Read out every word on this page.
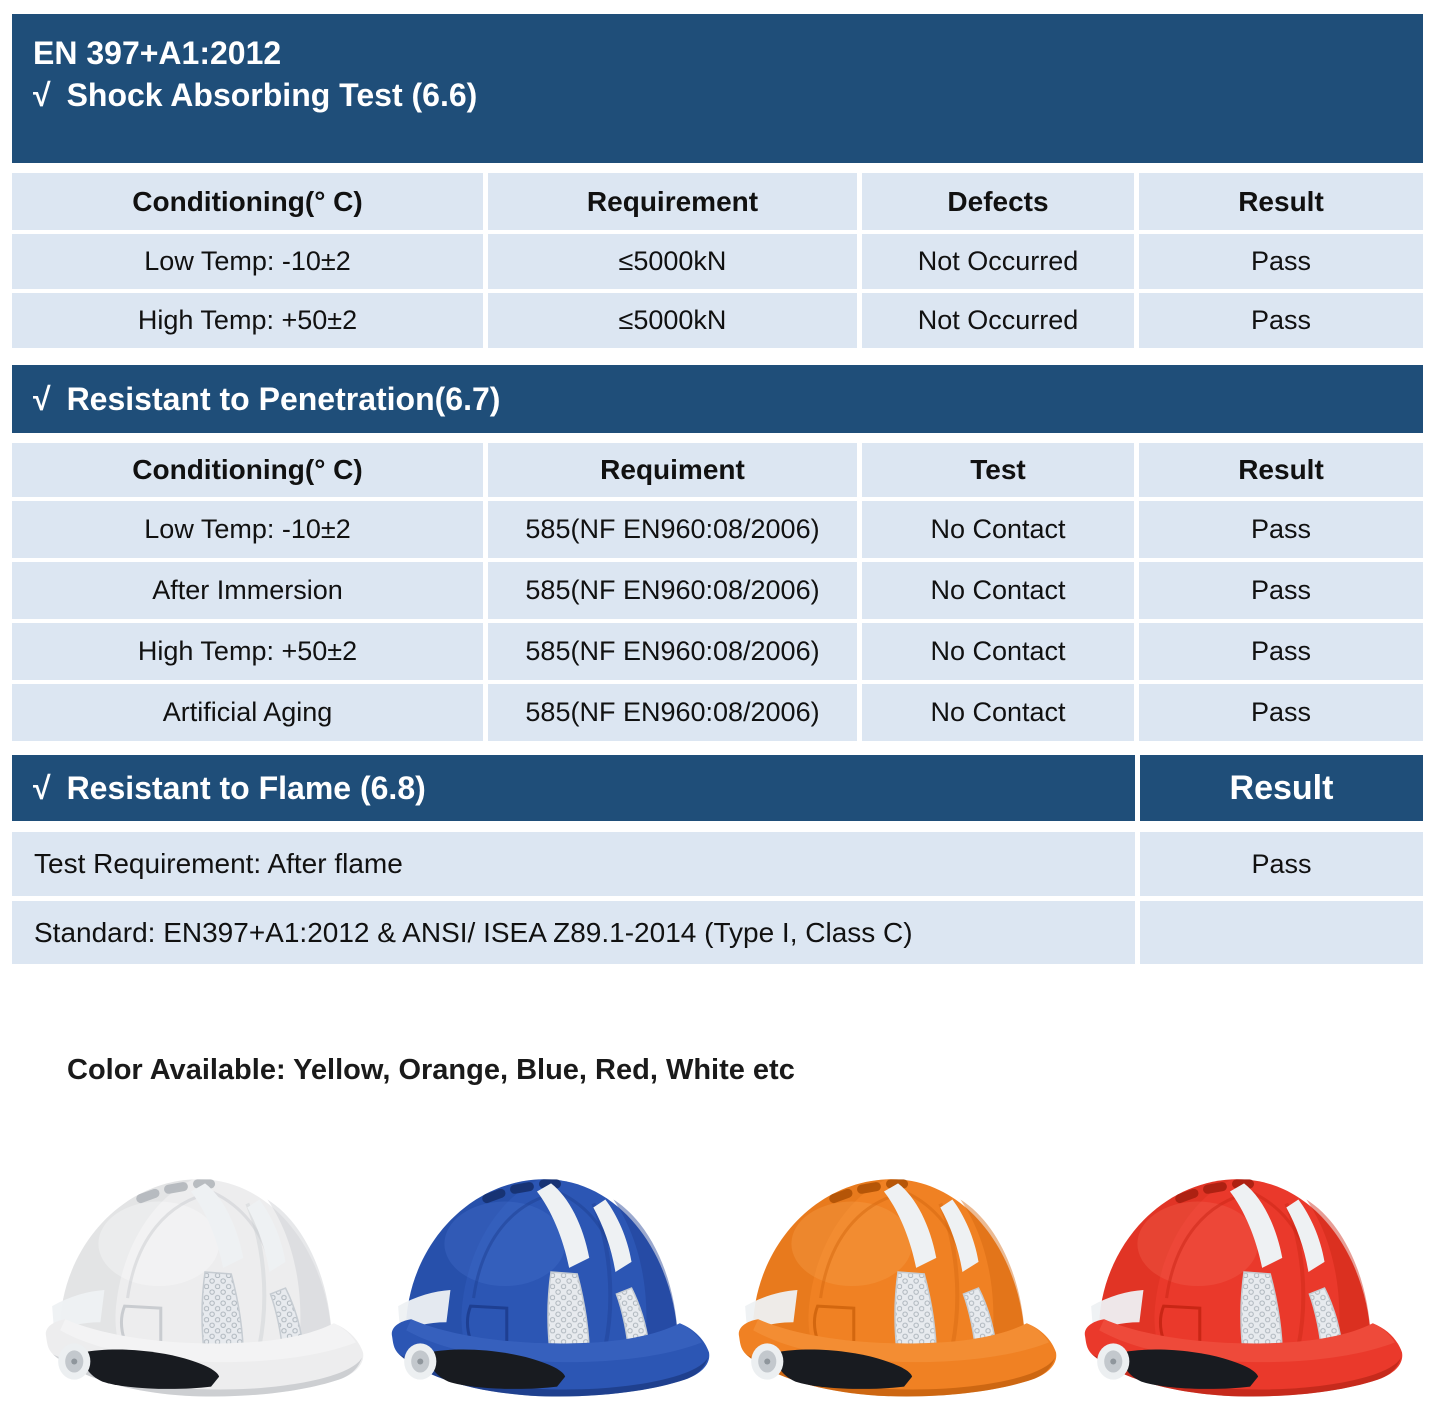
EN 397+A1:2012
√ Shock Absorbing Test (6.6)
Conditioning(° C)	Requirement	Defects	Result
Low Temp: -10±2	≤5000kN	Not Occurred	Pass
High Temp: +50±2	≤5000kN	Not Occurred	Pass
√ Resistant to Penetration(6.7)
Conditioning(° C)	Requiment	Test	Result
Low Temp: -10±2	585(NF EN960:08/2006)	No Contact	Pass
After Immersion	585(NF EN960:08/2006)	No Contact	Pass
High Temp: +50±2	585(NF EN960:08/2006)	No Contact	Pass
Artificial Aging	585(NF EN960:08/2006)	No Contact	Pass
√ Resistant to Flame (6.8)	Result
Test Requirement: After flame	Pass
Standard: EN397+A1:2012 & ANSI/ ISEA Z89.1-2014 (Type I, Class C)
Color Available: Yellow, Orange, Blue, Red, White etc
